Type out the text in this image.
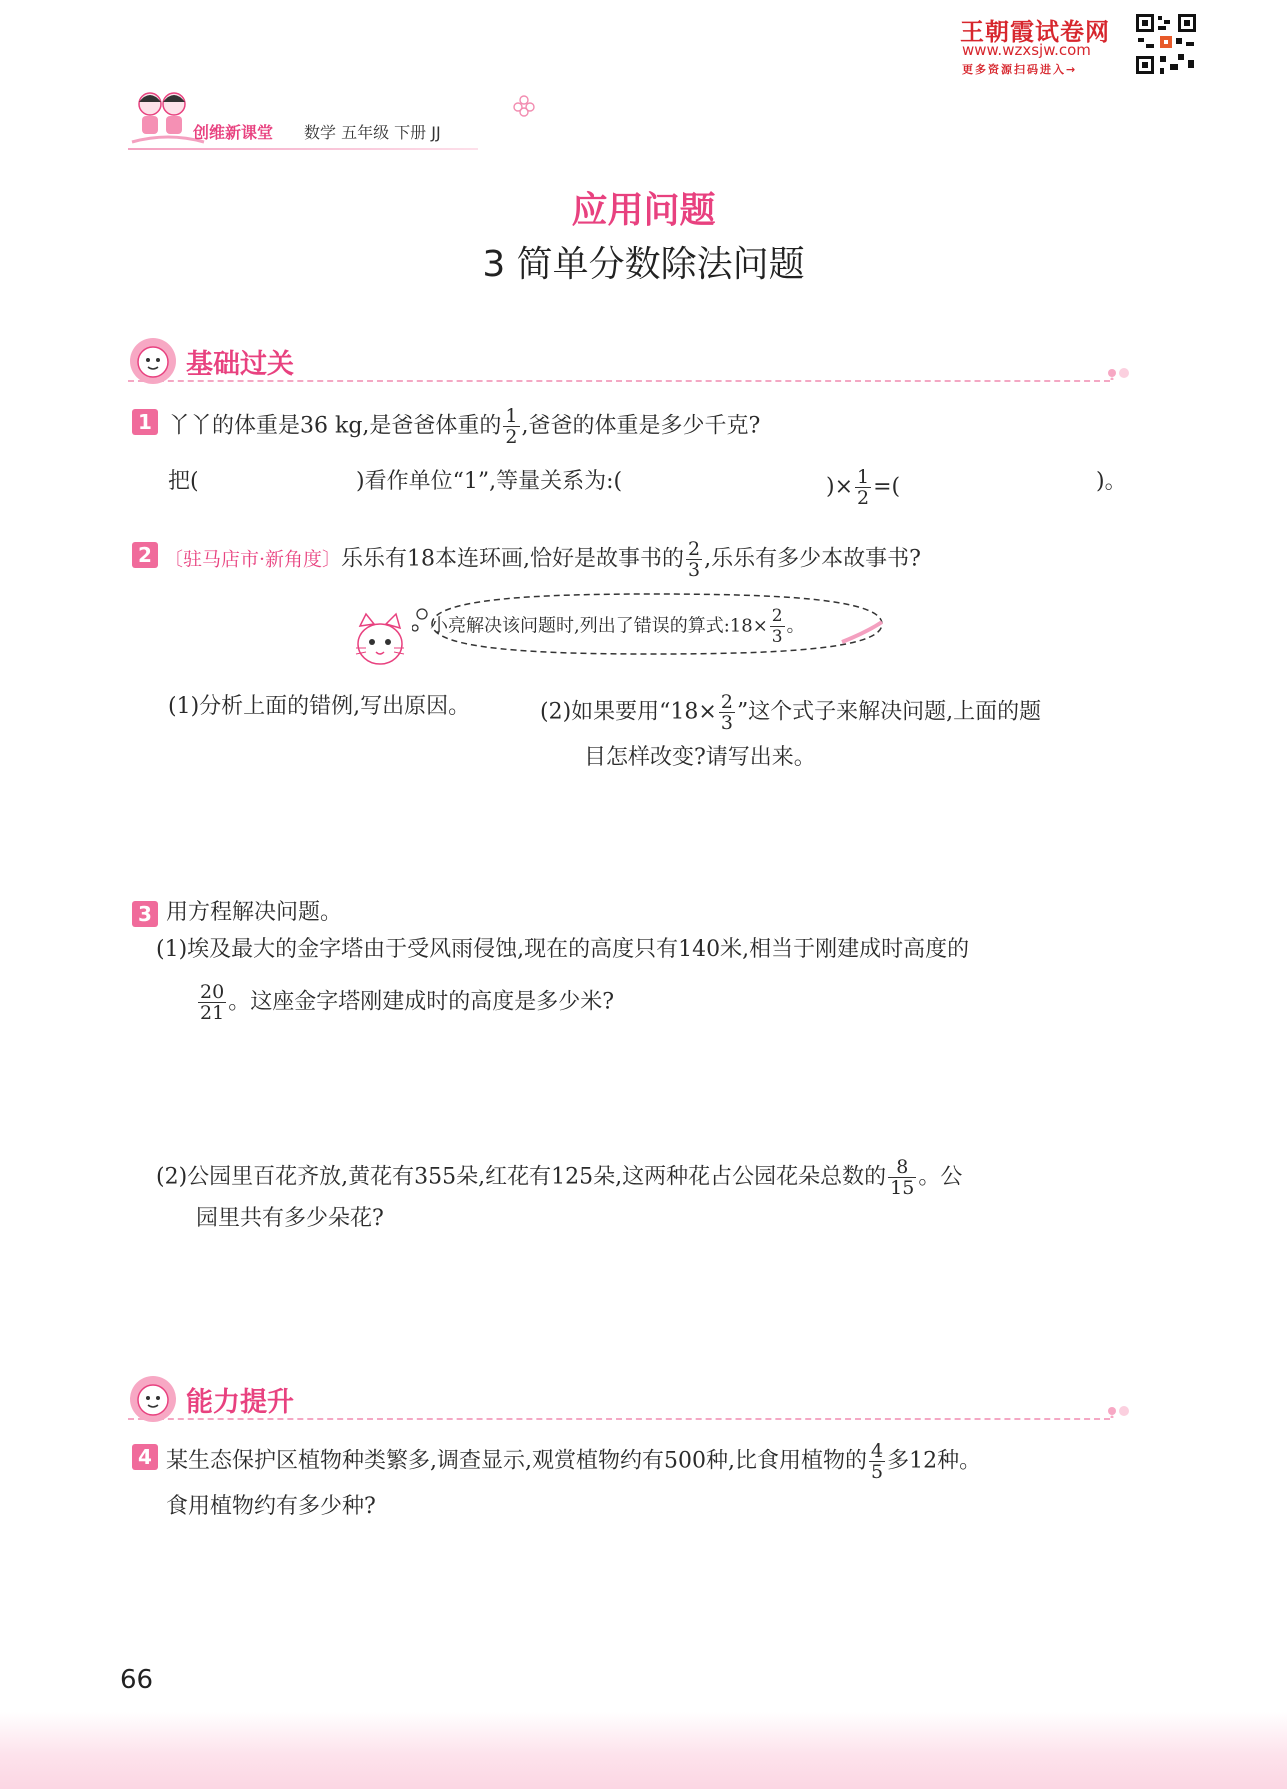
王朝霞试卷网
www.wzxsjw.com
更多资源扫码进入→
创维新课堂 数学 五年级 下册 JJ
应用问题
3 简单分数除法问题
基础过关
1 丫丫的体重是36 kg,是爸爸体重的 $\frac{1}{2}$ ,爸爸的体重是多少千克?
把(	)看作单位“1”,等量关系为:(	)× $\frac{1}{2}$ =(	)。
2 〔驻马店市·新角度〕乐乐有18本连环画,恰好是故事书的 $\frac{2}{3}$ ,乐乐有多少本故事书?
小亮解决该问题时,列出了错误的算式:18× $\frac{2}{3}$ 。
(1)分析上面的错例,写出原因。	(2)如果要用“$18\times \frac{2}{3}$ ”这个式子来解决问题,上面的题
目怎样改变?请写出来。
3 用方程解决问题。
(1)埃及最大的金字塔由于受风雨侵蚀,现在的高度只有140米,相当于刚建成时高度的
$\frac{20}{21}$ 。这座金字塔刚建成时的高度是多少米?
(2)公园里百花齐放,黄花有355朵,红花有125朵,这两种花占公园花朵总数的 $\frac{8}{15}$ 。公
园里共有多少朵花?
能力提升
4 某生态保护区植物种类繁多,调查显示,观赏植物约有500种,比食用植物的 $\frac{4}{5}$ 多12种。
食用植物约有多少种?
66
